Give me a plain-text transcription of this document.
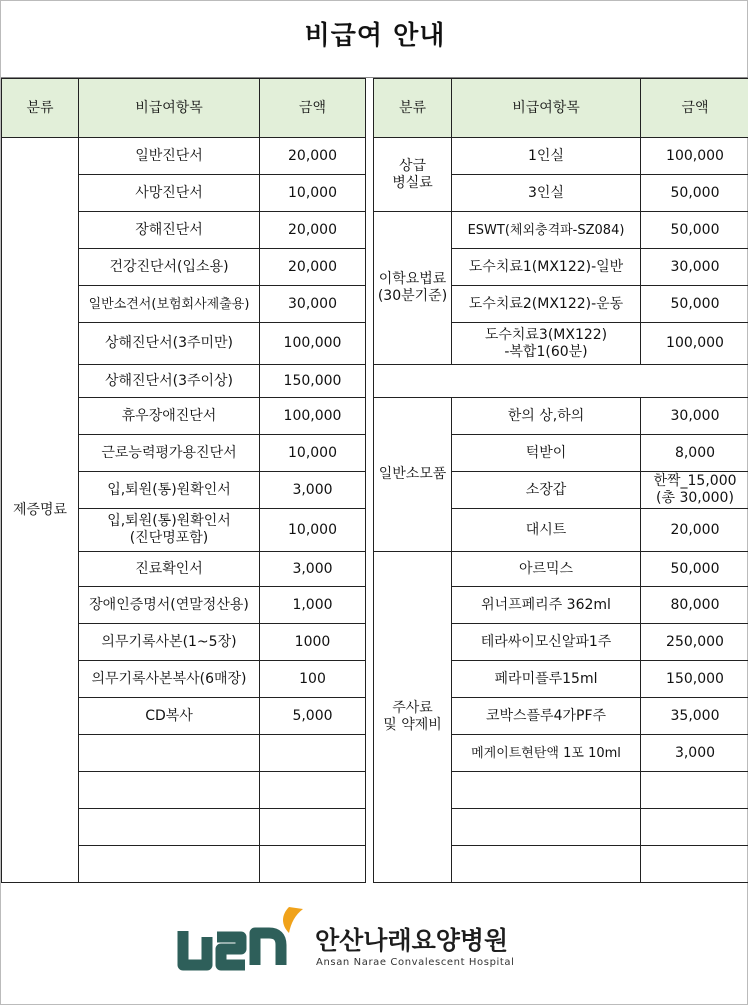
비급여 안내
분류	비급여항목	금액
제증명료	일반진단서	20,000
	사망진단서	10,000
	장해진단서	20,000
	건강진단서(입소용)	20,000
	일반소견서(보험회사제출용)	30,000
	상해진단서(3주미만)	100,000
	상해진단서(3주이상)	150,000
	휴우장애진단서	100,000
	근로능력평가용진단서	10,000
	입,퇴원(통)원확인서	3,000
	입,퇴원(통)원확인서
(진단명포함)	10,000
	진료확인서	3,000
	장애인증명서(연말정산용)	1,000
	의무기록사본(1~5장)	1000
	의무기록사본복사(6매장)	100
	CD복사	5,000

분류	비급여항목	금액
상급
병실료	1인실	100,000
	3인실	50,000
이학요법료
(30분기준)	ESWT(체외충격파-SZ084)	50,000
	도수치료1(MX122)-일반	30,000
	도수치료2(MX122)-운동	50,000
	도수치료3(MX122)
-복합1(60분)	100,000

일반소모품	한의 상,하의	30,000
	턱받이	8,000
	소장갑	한짝_15,000
(총 30,000)
	대시트	20,000
주사료
및 약제비	아르믹스	50,000
	위너프페리주 362ml	80,000
	테라싸이모신알파1주	250,000
	페라미플루15ml	150,000
	코박스플루4가PF주	35,000
	메게이트현탄액 1포 10ml	3,000

안산나래요양병원
Ansan Narae Convalescent Hospital
